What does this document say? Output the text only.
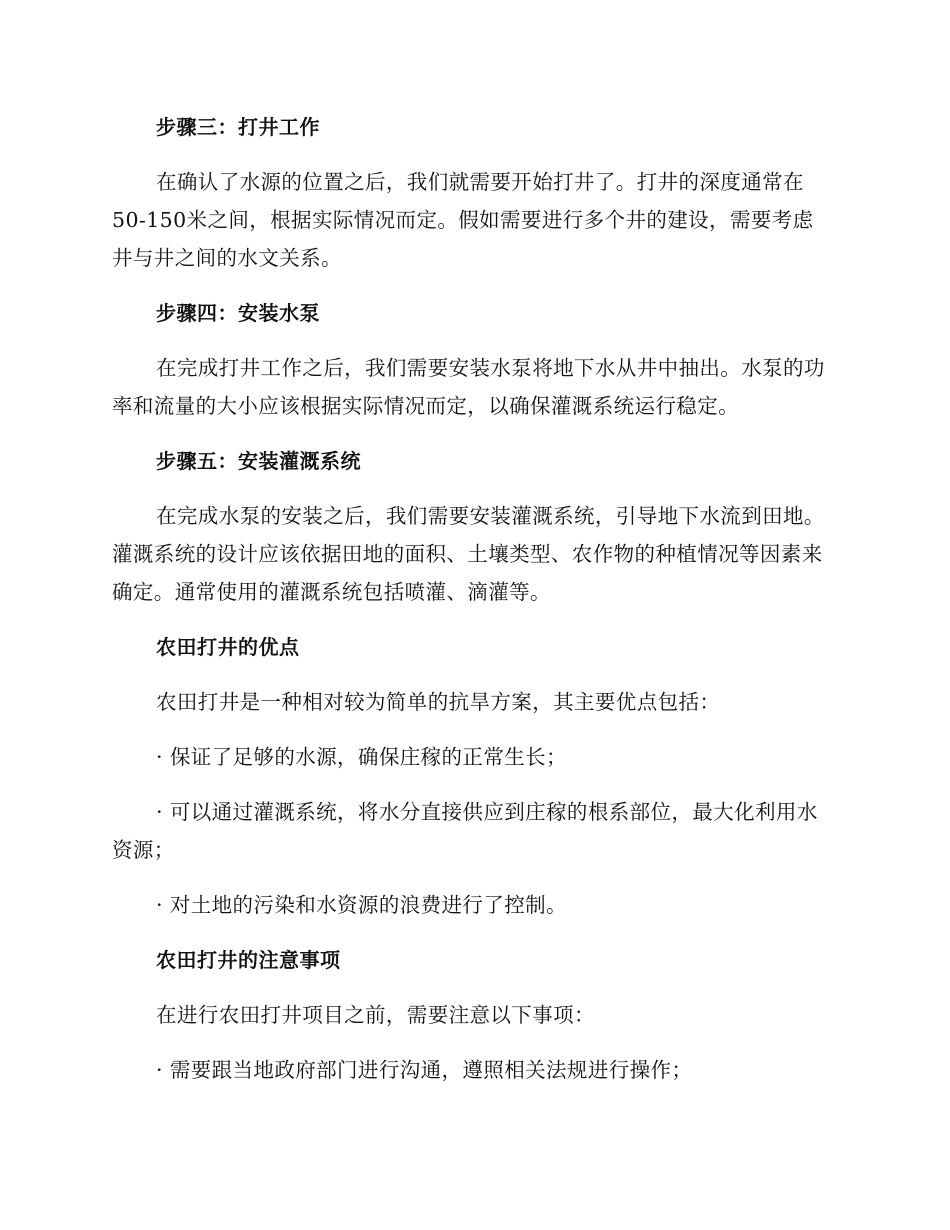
步骤三：打井工作

在确认了水源的位置之后，我们就需要开始打井了。打井的深度通常在50-150米之间，根据实际情况而定。假如需要进行多个井的建设，需要考虑井与井之间的水文关系。

步骤四：安装水泵

在完成打井工作之后，我们需要安装水泵将地下水从井中抽出。水泵的功率和流量的大小应该根据实际情况而定，以确保灌溉系统运行稳定。

步骤五：安装灌溉系统

在完成水泵的安装之后，我们需要安装灌溉系统，引导地下水流到田地。灌溉系统的设计应该依据田地的面积、土壤类型、农作物的种植情况等因素来确定。通常使用的灌溉系统包括喷灌、滴灌等。

农田打井的优点

农田打井是一种相对较为简单的抗旱方案，其主要优点包括：

· 保证了足够的水源，确保庄稼的正常生长；

· 可以通过灌溉系统，将水分直接供应到庄稼的根系部位，最大化利用水资源；

· 对土地的污染和水资源的浪费进行了控制。

农田打井的注意事项

在进行农田打井项目之前，需要注意以下事项：

· 需要跟当地政府部门进行沟通，遵照相关法规进行操作；
